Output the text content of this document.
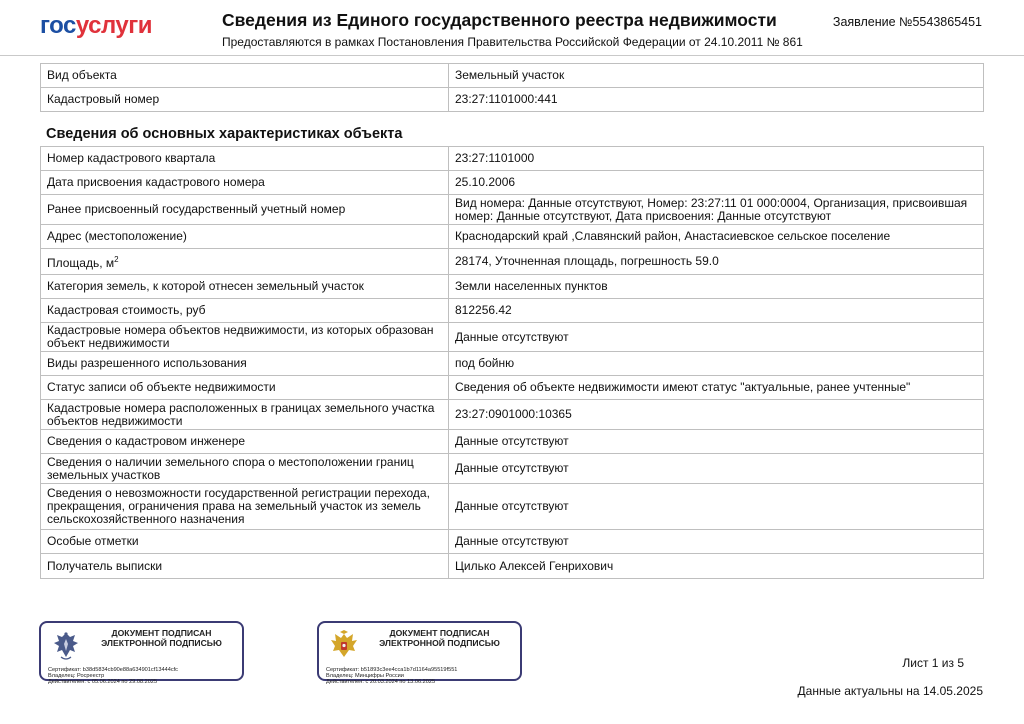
госуслуги	Сведения из Единого государственного реестра недвижимости
Предоставляются в рамках Постановления Правительства Российской Федерации от 24.10.2011 № 861
Заявление №5543865451
Вид объекта	Земельный участок
Кадастровый номер	23:27:1101000:441
Сведения об основных характеристиках объекта
Номер кадастрового квартала	23:27:1101000
Дата присвоения кадастрового номера	25.10.2006
Ранее присвоенный государственный учетный номер	Вид номера: Данные отсутствуют, Номер: 23:27:11 01 000:0004, Организация, присвоившая номер: Данные отсутствуют, Дата присвоения: Данные отсутствуют
Адрес (местоположение)	Краснодарский край ,Славянский район, Анастасиевское сельское поселение
Площадь, $м^2$	28174, Уточненная площадь, погрешность 59.0
Категория земель, к которой отнесен земельный участок	Земли населенных пунктов
Кадастровая стоимость, руб	812256.42
Кадастровые номера объектов недвижимости, из которых образован объект недвижимости	Данные отсутствуют
Виды разрешенного использования	под бойню
Статус записи об объекте недвижимости	Сведения об объекте недвижимости имеют статус "актуальные, ранее учтенные"
Кадастровые номера расположенных в границах земельного участка объектов недвижимости	23:27:0901000:10365
Сведения о кадастровом инженере	Данные отсутствуют
Сведения о наличии земельного спора о местоположении границ земельных участков	Данные отсутствуют
Сведения о невозможности государственной регистрации перехода, прекращения, ограничения права на земельный участок из земель сельскохозяйственного назначения	Данные отсутствуют
Особые отметки	Данные отсутствуют
Получатель выписки	Цилько Алексей Генрихович
ДОКУМЕНТ ПОДПИСАН ЭЛЕКТРОННОЙ ПОДПИСЬЮ
Сертификат: b38d5834cb90e88a634901cf13444cfc
Владелец: Росреестр
Действителен: с 05.06.2024 по 29.08.2025
ДОКУМЕНТ ПОДПИСАН ЭЛЕКТРОННОЙ ПОДПИСЬЮ
Сертификат: b51893c3ee4cca1b7d1164a95519f551
Владелец: Минцифры России
Действителен: с 20.03.2024 по 13.06.2025
Лист 1 из 5
Данные актуальны на 14.05.2025
